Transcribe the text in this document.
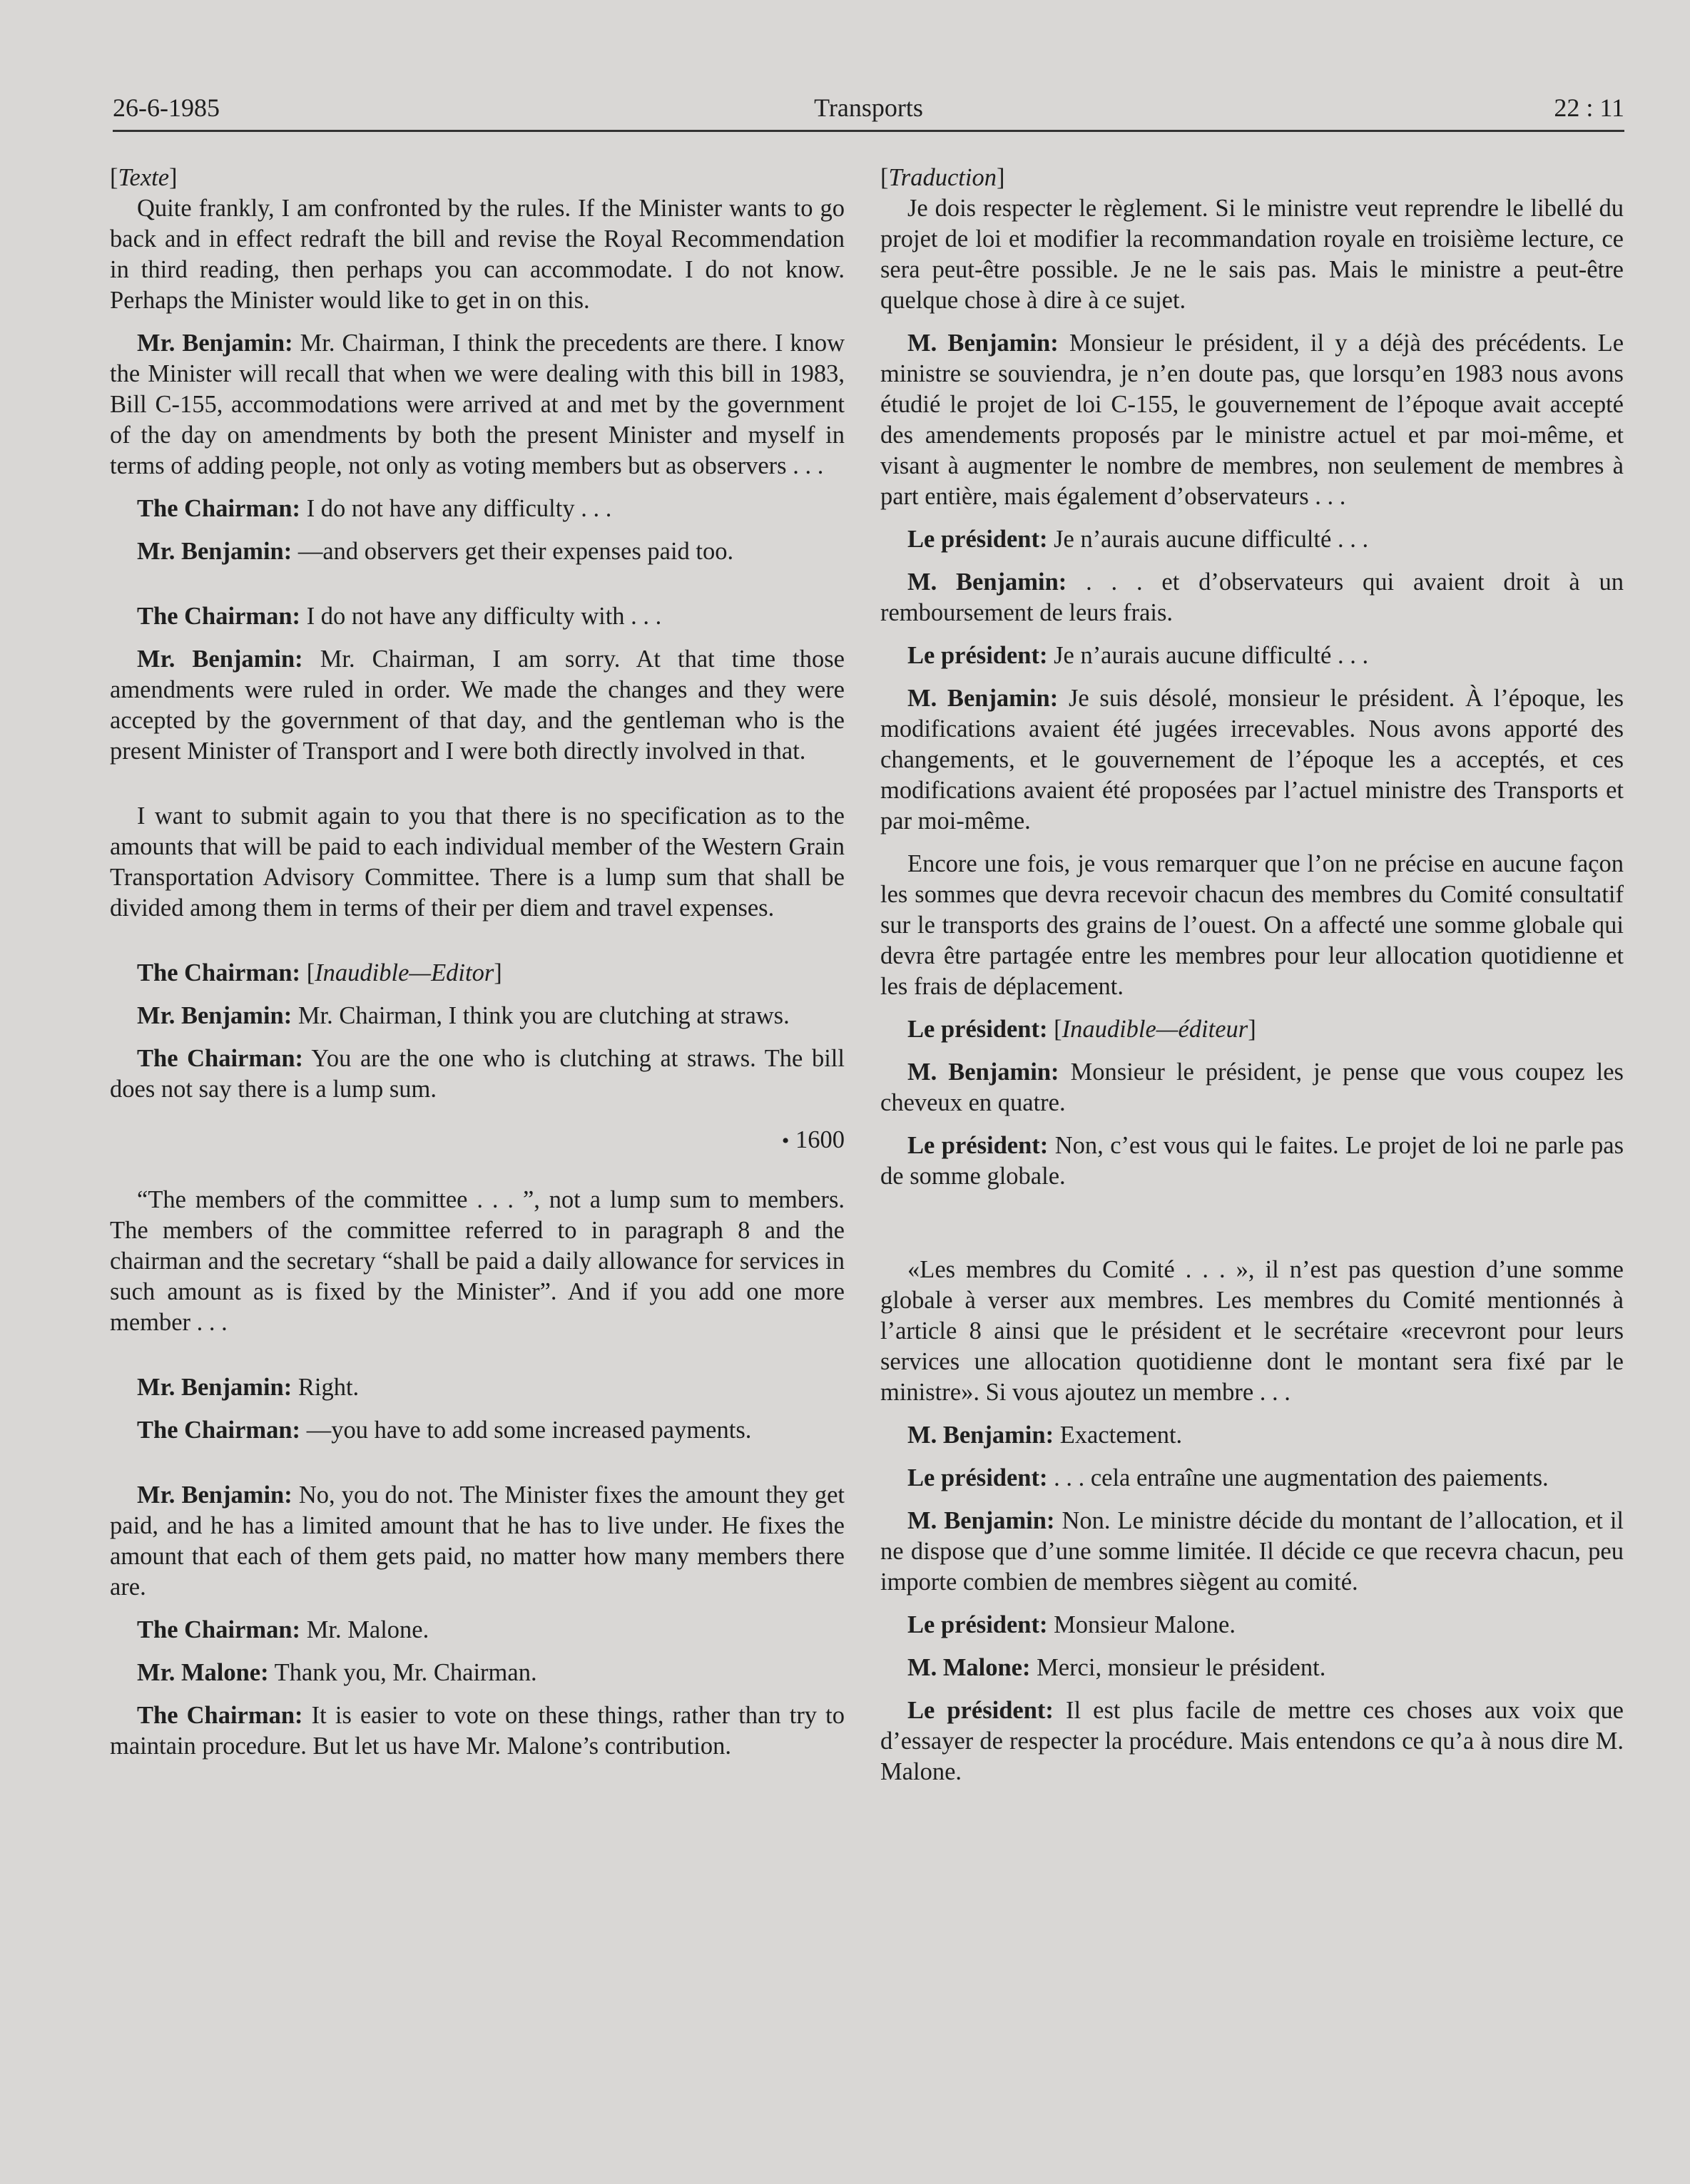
26-6-1985	Transports	22 : 11

[Texte]

Quite frankly, I am confronted by the rules. If the Minister wants to go back and in effect redraft the bill and revise the Royal Recommendation in third reading, then perhaps you can accommodate. I do not know. Perhaps the Minister would like to get in on this.

Mr. Benjamin: Mr. Chairman, I think the precedents are there. I know the Minister will recall that when we were dealing with this bill in 1983, Bill C-155, accommodations were arrived at and met by the government of the day on amendments by both the present Minister and myself in terms of adding people, not only as voting members but as observers . . .

The Chairman: I do not have any difficulty . . .

Mr. Benjamin: —and observers get their expenses paid too.

The Chairman: I do not have any difficulty with . . .

Mr. Benjamin: Mr. Chairman, I am sorry. At that time those amendments were ruled in order. We made the changes and they were accepted by the government of that day, and the gentleman who is the present Minister of Transport and I were both directly involved in that.

I want to submit again to you that there is no specification as to the amounts that will be paid to each individual member of the Western Grain Transportation Advisory Committee. There is a lump sum that shall be divided among them in terms of their per diem and travel expenses.

The Chairman: [Inaudible—Editor]

Mr. Benjamin: Mr. Chairman, I think you are clutching at straws.

The Chairman: You are the one who is clutching at straws. The bill does not say there is a lump sum.

• 1600

“The members of the committee . . . ”, not a lump sum to members. The members of the committee referred to in paragraph 8 and the chairman and the secretary “shall be paid a daily allowance for services in such amount as is fixed by the Minister”. And if you add one more member . . .

Mr. Benjamin: Right.

The Chairman: —you have to add some increased payments.

Mr. Benjamin: No, you do not. The Minister fixes the amount they get paid, and he has a limited amount that he has to live under. He fixes the amount that each of them gets paid, no matter how many members there are.

The Chairman: Mr. Malone.

Mr. Malone: Thank you, Mr. Chairman.

The Chairman: It is easier to vote on these things, rather than try to maintain procedure. But let us have Mr. Malone’s contribution.

[Traduction]

Je dois respecter le règlement. Si le ministre veut reprendre le libellé du projet de loi et modifier la recommandation royale en troisième lecture, ce sera peut-être possible. Je ne le sais pas. Mais le ministre a peut-être quelque chose à dire à ce sujet.

M. Benjamin: Monsieur le président, il y a déjà des précédents. Le ministre se souviendra, je n’en doute pas, que lorsqu’en 1983 nous avons étudié le projet de loi C-155, le gouvernement de l’époque avait accepté des amendements proposés par le ministre actuel et par moi-même, et visant à augmenter le nombre de membres, non seulement de membres à part entière, mais également d’observateurs . . .

Le président: Je n’aurais aucune difficulté . . .

M. Benjamin: . . . et d’observateurs qui avaient droit à un remboursement de leurs frais.

Le président: Je n’aurais aucune difficulté . . .

M. Benjamin: Je suis désolé, monsieur le président. À l’époque, les modifications avaient été jugées irrecevables. Nous avons apporté des changements, et le gouvernement de l’époque les a acceptés, et ces modifications avaient été proposées par l’actuel ministre des Transports et par moi-même.

Encore une fois, je vous remarquer que l’on ne précise en aucune façon les sommes que devra recevoir chacun des membres du Comité consultatif sur le transports des grains de l’ouest. On a affecté une somme globale qui devra être partagée entre les membres pour leur allocation quotidienne et les frais de déplacement.

Le président: [Inaudible—éditeur]

M. Benjamin: Monsieur le président, je pense que vous coupez les cheveux en quatre.

Le président: Non, c’est vous qui le faites. Le projet de loi ne parle pas de somme globale.

«Les membres du Comité . . . », il n’est pas question d’une somme globale à verser aux membres. Les membres du Comité mentionnés à l’article 8 ainsi que le président et le secrétaire «recevront pour leurs services une allocation quotidienne dont le montant sera fixé par le ministre». Si vous ajoutez un membre . . .

M. Benjamin: Exactement.

Le président: . . . cela entraîne une augmentation des paiements.

M. Benjamin: Non. Le ministre décide du montant de l’allocation, et il ne dispose que d’une somme limitée. Il décide ce que recevra chacun, peu importe combien de membres siègent au comité.

Le président: Monsieur Malone.

M. Malone: Merci, monsieur le président.

Le président: Il est plus facile de mettre ces choses aux voix que d’essayer de respecter la procédure. Mais entendons ce qu’a à nous dire M. Malone.
